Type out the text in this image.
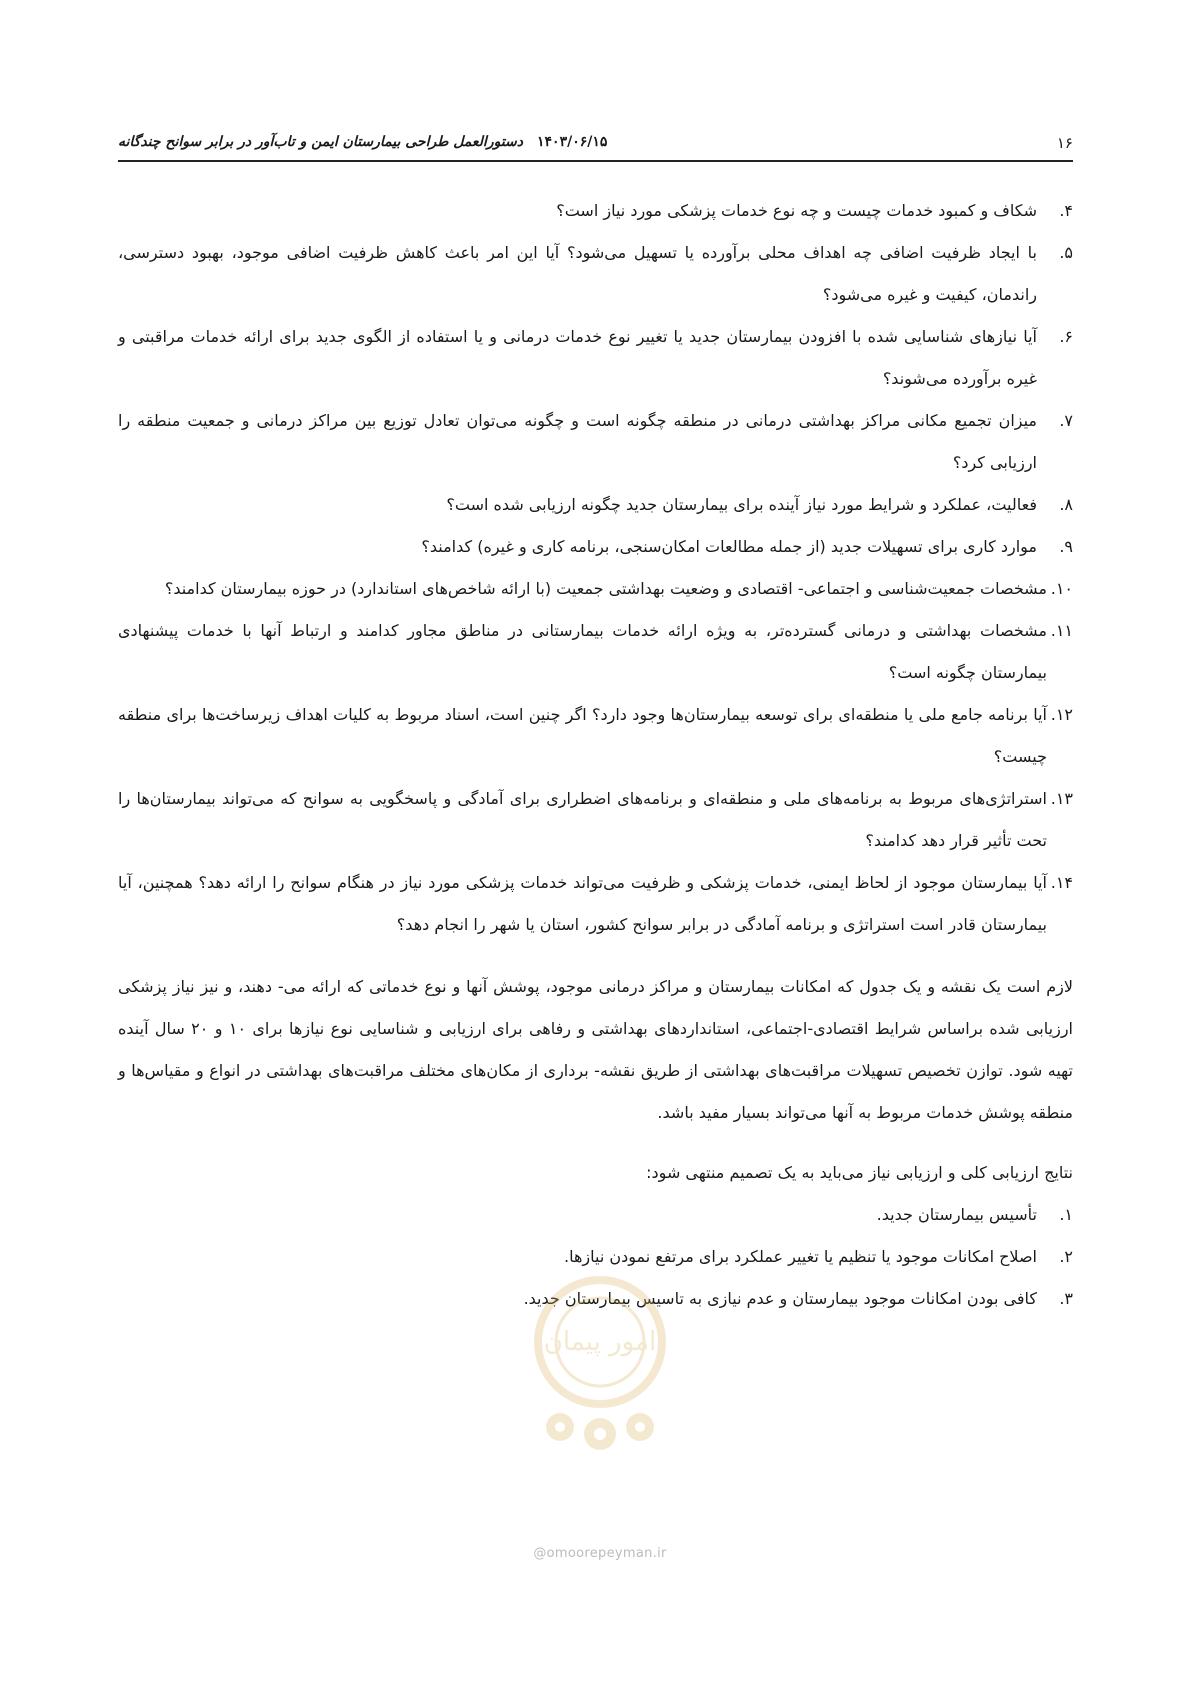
۱۶
۱۴۰۳/۰۶/۱۵دستورالعمل طراحی بیمارستان ایمن و تاب‌آور در برابر سوانح چندگانه
۴.
شکاف و کمبود خدمات چیست و چه نوع خدمات پزشکی مورد نیاز است؟
۵.
با ایجاد ظرفیت اضافی چه اهداف محلی برآورده یا تسهیل می‌شود؟ آیا این امر باعث کاهش ظرفیت اضافی موجود، بهبود دسترسی، راندمان، کیفیت و غیره می‌شود؟
۶.
آیا نیازهای شناسایی شده با افزودن بیمارستان جدید یا تغییر نوع خدمات درمانی و یا استفاده از الگوی جدید برای ارائه خدمات مراقبتی و غیره برآورده می‌شوند؟
۷.
میزان تجمیع مکانی مراکز بهداشتی درمانی در منطقه چگونه است و چگونه می‌توان تعادل توزیع بین مراکز درمانی و جمعیت منطقه را ارزیابی کرد؟
۸.
فعالیت، عملکرد و شرایط مورد نیاز آینده برای بیمارستان جدید چگونه ارزیابی شده است؟
۹.
موارد کاری برای تسهیلات جدید (از جمله مطالعات امکان‌سنجی، برنامه کاری و غیره) کدامند؟
۱۰.
مشخصات جمعیت‌شناسی و اجتماعی- اقتصادی و وضعیت بهداشتی جمعیت (با ارائه شاخص‌های استاندارد) در حوزه بیمارستان کدامند؟
۱۱.
مشخصات بهداشتی و درمانی گسترده‌تر، به ویژه ارائه خدمات بیمارستانی در مناطق مجاور کدامند و ارتباط آنها با خدمات پیشنهادی بیمارستان چگونه است؟
۱۲.
آیا برنامه جامع ملی یا منطقه‌ای برای توسعه بیمارستان‌ها وجود دارد؟ اگر چنین است، اسناد مربوط به کلیات اهداف زیرساخت‌ها برای منطقه چیست؟
۱۳.
استراتژی‌های مربوط به برنامه‌های ملی و منطقه‌ای و برنامه‌های اضطراری برای آمادگی و پاسخگویی به سوانح که می‌تواند بیمارستان‌ها را تحت تأثیر قرار دهد کدامند؟
۱۴.
آیا بیمارستان موجود از لحاظ ایمنی، خدمات پزشکی و ظرفیت می‌تواند خدمات پزشکی مورد نیاز در هنگام سوانح را ارائه دهد؟ همچنین، آیا بیمارستان قادر است استراتژی و برنامه آمادگی در برابر سوانح کشور، استان یا شهر را انجام دهد؟

لازم است یک نقشه و یک جدول که امکانات بیمارستان و مراکز درمانی موجود، پوشش آنها و نوع خدماتی که ارائه می- دهند، و نیز نیاز پزشکی ارزیابی شده براساس شرایط اقتصادی-اجتماعی، استانداردهای بهداشتی و رفاهی برای ارزیابی و شناسایی نوع نیازها برای ۱۰ و ۲۰ سال آینده تهیه شود. توازن تخصیص تسهیلات مراقبت‌های بهداشتی از طریق نقشه- برداری از مکان‌های مختلف مراقبت‌های بهداشتی در انواع و مقیاس‌ها و منطقه پوشش خدمات مربوط به آنها می‌تواند بسیار مفید باشد.

نتایج ارزیابی کلی و ارزیابی نیاز می‌باید به یک تصمیم منتهی شود:

۱.
تأسیس بیمارستان جدید.
۲.
اصلاح امکانات موجود یا تنظیم یا تغییر عملکرد برای مرتفع نمودن نیازها.
۳.
کافی بودن امکانات موجود بیمارستان و عدم نیازی به تاسیس بیمارستان جدید.
امور پیمان
@omoorepeyman.ir
